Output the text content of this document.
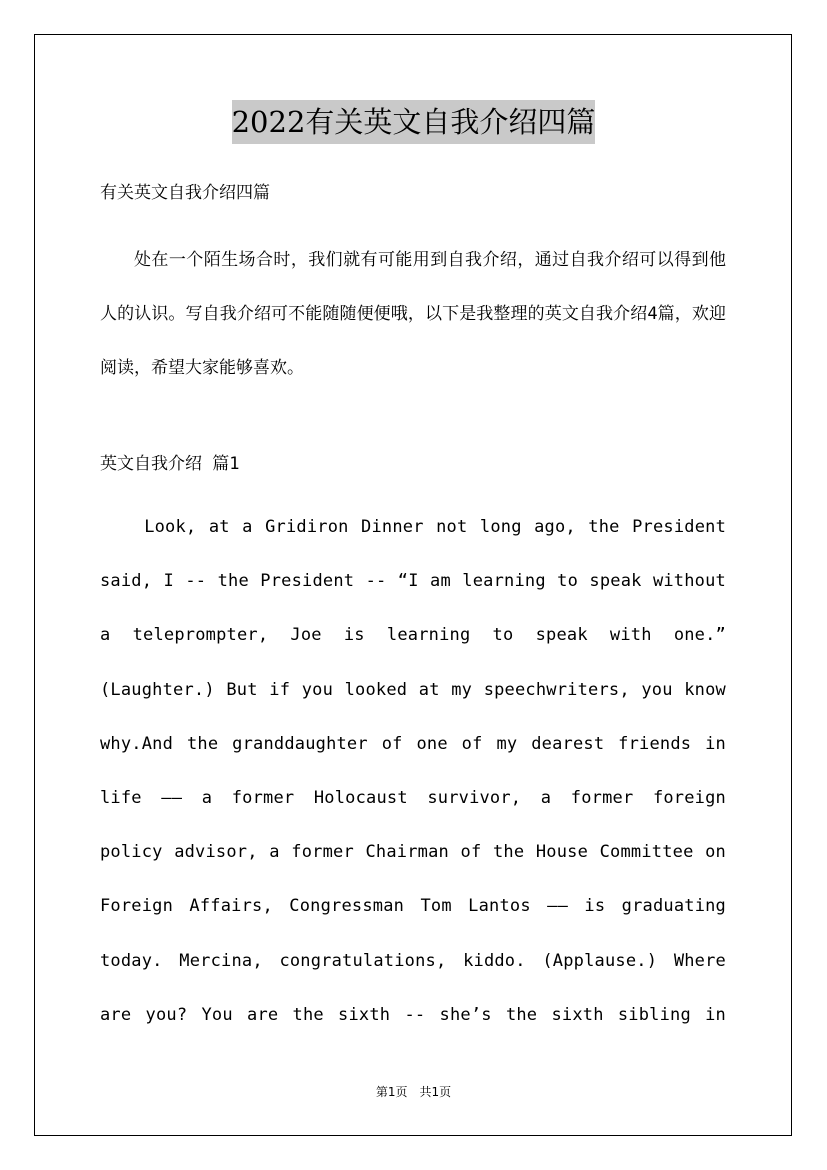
2022有关英文自我介绍四篇
有关英文自我介绍四篇
处在一个陌生场合时，我们就有可能用到自我介绍，通过自我介绍可以得到他人的认识。写自我介绍可不能随随便便哦，以下是我整理的英文自我介绍4篇，欢迎阅读，希望大家能够喜欢。
英文自我介绍 篇1
Look, at a Gridiron Dinner not long ago, the President said, I -- the President -- “I am learning to speak without a teleprompter, Joe is learning to speak with one.” (Laughter.) But if you looked at my speechwriters, you know why.And the granddaughter of one of my dearest friends in life —— a former Holocaust survivor, a former foreign policy advisor, a former Chairman of the House Committee on Foreign Affairs, Congressman Tom Lantos —— is graduating today. Mercina, congratulations, kiddo. (Applause.) Where are you? You are the sixth -- she’s the sixth sibling in
第1页 共1页
